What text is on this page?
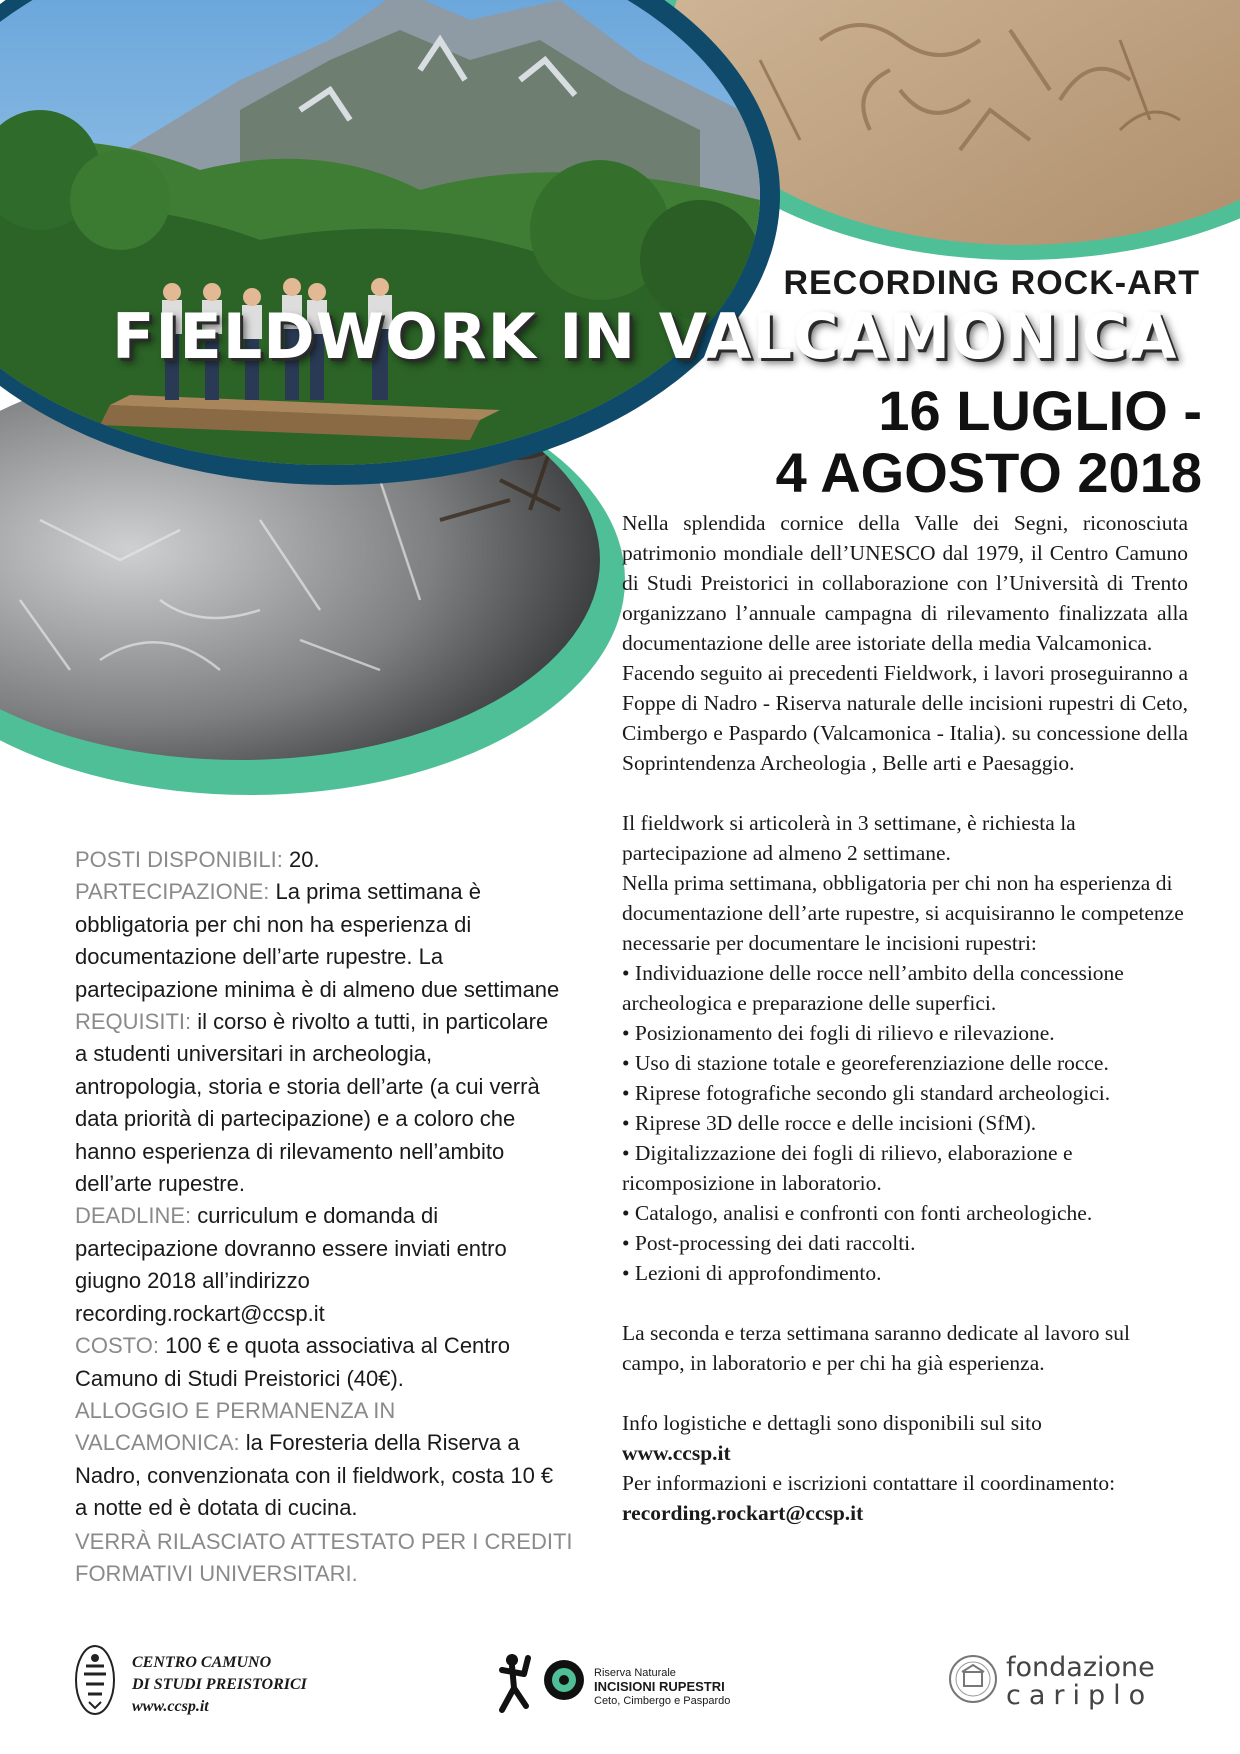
RECORDING ROCK-ART
FIELDWORK IN VALCAMONICA
16 LUGLIO -
4 AGOSTO 2018

Nella splendida cornice della Valle dei Segni, riconosciuta patrimonio mondiale dell’UNESCO dal 1979, il Centro Camuno di Studi Preistorici in collaborazione con l’Università di Trento organizzano l’annuale campagna di rilevamento finalizzata alla documentazione delle aree istoriate della media Valcamonica.

Facendo seguito ai precedenti Fieldwork, i lavori proseguiranno a Foppe di Nadro - Riserva naturale delle incisioni rupestri di Ceto, Cimbergo e Paspardo (Valcamonica - Italia). su concessione della Soprintendenza Archeologia , Belle arti e Paesaggio.

Il fieldwork si articolerà in 3 settimane, è richiesta la partecipazione ad almeno 2 settimane.

Nella prima settimana, obbligatoria per chi non ha esperienza di documentazione dell’arte rupestre, si acquisiranno le competenze necessarie per documentare le incisioni rupestri:

• Individuazione delle rocce nell’ambito della concessione archeologica e preparazione delle superfici.
• Posizionamento dei fogli di rilievo e rilevazione.
• Uso di stazione totale e georeferenziazione delle rocce.
• Riprese fotografiche secondo gli standard archeologici.
• Riprese 3D delle rocce e delle incisioni (SfM).
• Digitalizzazione dei fogli di rilievo, elaborazione e ricomposizione in laboratorio.
• Catalogo, analisi e confronti con fonti archeologiche.
• Post-processing dei dati raccolti.
• Lezioni di approfondimento.

La seconda e terza settimana saranno dedicate al lavoro sul campo, in laboratorio e per chi ha già esperienza.

Info logistiche e dettagli sono disponibili sul sito

www.ccsp.it

Per informazioni e iscrizioni contattare il coordinamento: recording.rockart@ccsp.it

POSTI DISPONIBILI: 20.

PARTECIPAZIONE: La prima settimana è obbligatoria per chi non ha esperienza di documentazione dell’arte rupestre. La partecipazione minima è di almeno due settimane

REQUISITI: il corso è rivolto a tutti, in particolare a studenti universitari in archeologia, antropologia, storia e storia dell’arte (a cui verrà data priorità di partecipazione) e a coloro che hanno esperienza di rilevamento nell’ambito dell’arte rupestre.

DEADLINE: curriculum e domanda di partecipazione dovranno essere inviati entro giugno 2018 all’indirizzo recording.rockart@ccsp.it

COSTO: 100 € e quota associativa al Centro Camuno di Studi Preistorici (40€).

ALLOGGIO E PERMANENZA IN VALCAMONICA: la Foresteria della Riserva a Nadro, convenzionata con il fieldwork, costa 10 € a notte ed è dotata di cucina.

VERRÀ RILASCIATO ATTESTATO PER I CREDITI FORMATIVI UNIVERSITARI.
CENTRO CAMUNO
DI STUDI PREISTORICI
www.ccsp.it
Riserva Naturale
INCISIONI RUPESTRI
Ceto, Cimbergo e Paspardo
fondazione
cariplo
